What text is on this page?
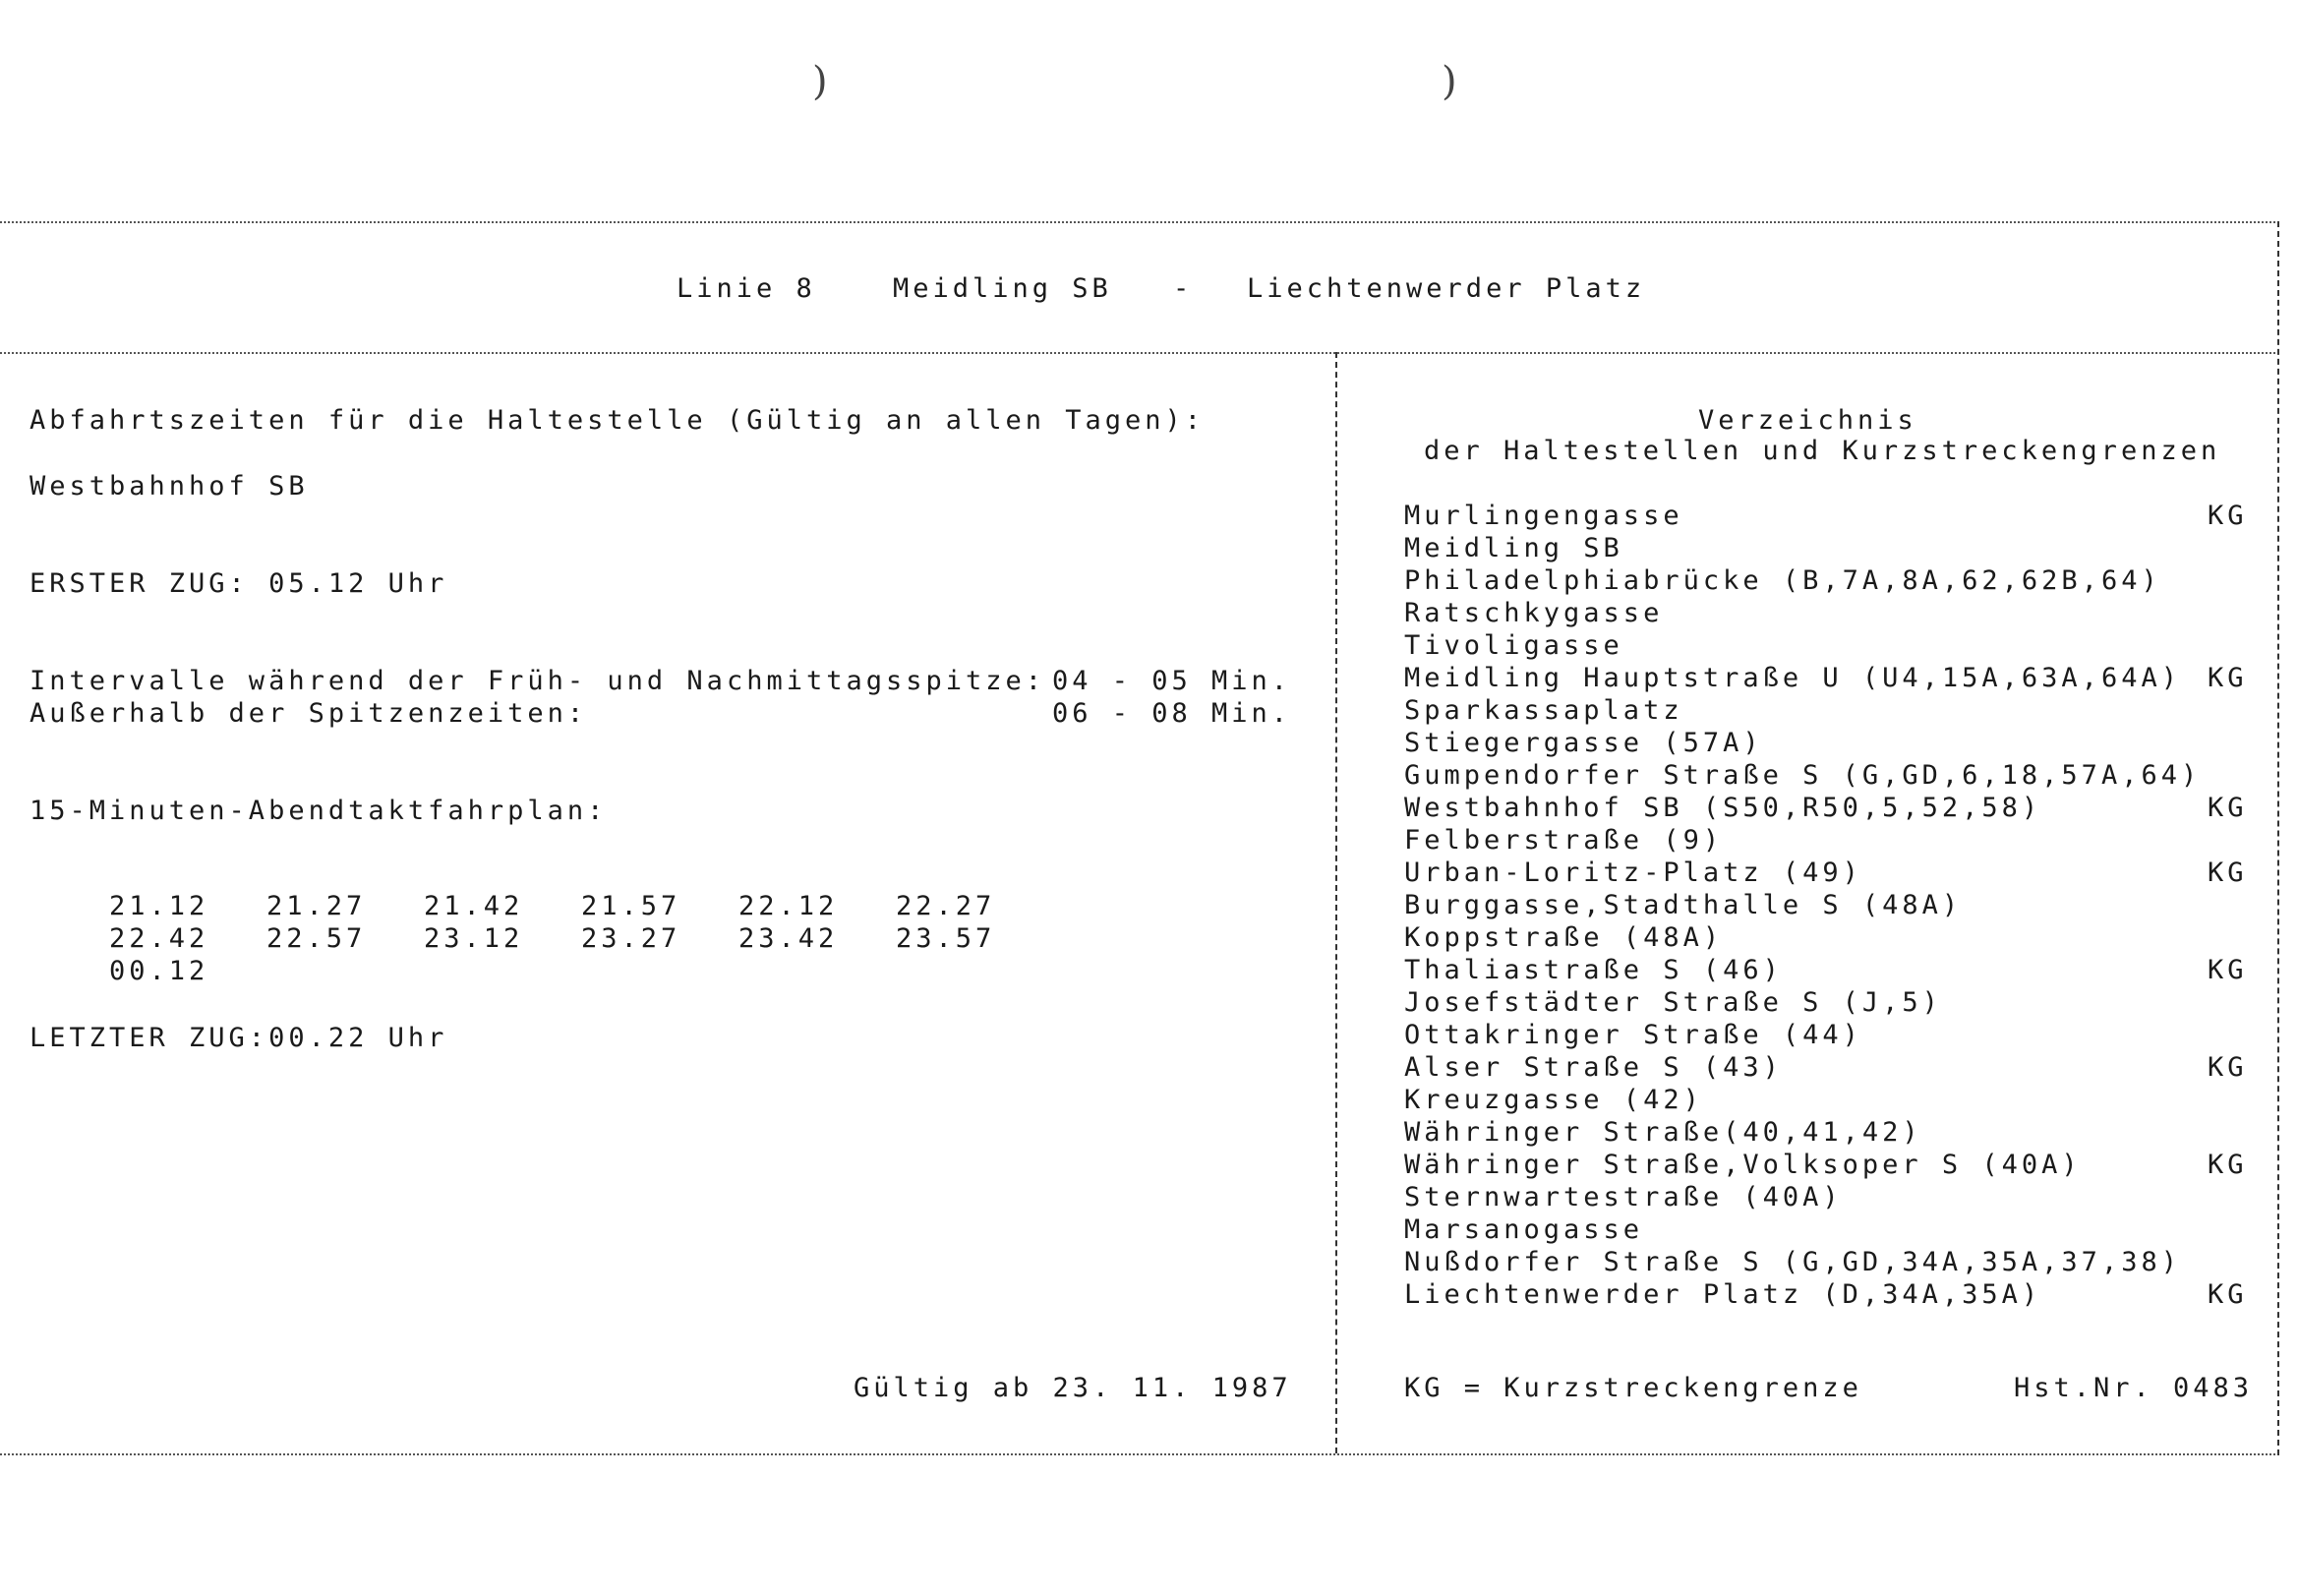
)	)
Linie 8	Meidling SB - Liechtenwerder Platz
Abfahrtszeiten für die Haltestelle (Gültig an allen Tagen):
Westbahnhof SB
ERSTER ZUG: 05.12 Uhr
Intervalle während der Früh- und Nachmittagsspitze: 04 - 05 Min.
Außerhalb der Spitzenzeiten:	06 - 08 Min.
15-Minuten-Abendtaktfahrplan:

21.12 21.27 21.42 21.57 22.12 22.27

22.42 22.57 23.12 23.27 23.42 23.57

00.12

LETZTER ZUG:00.22 Uhr
Gültig ab 23. 11. 1987
Verzeichnis
der Haltestellen und Kurzstreckengrenzen
Murlingengasse	KG
Meidling SB
Philadelphiabrücke (B,7A,8A,62,62B,64)
Ratschkygasse
Tivoligasse
Meidling Hauptstraße U (U4,15A,63A,64A) KG
Sparkassaplatz
Stiegergasse (57A)
Gumpendorfer Straße S (G,GD,6,18,57A,64)
Westbahnhof SB (S50,R50,5,52,58)	KG
Felberstraße (9)
Urban-Loritz-Platz (49)	KG
Burggasse,Stadthalle S (48A)
Koppstraße (48A)
Thaliastraße S (46)	KG
Josefstädter Straße S (J,5)
Ottakringer Straße (44)
Alser Straße S (43)	KG
Kreuzgasse (42)
Währinger Straße(40,41,42)
Währinger Straße,Volksoper S (40A)	KG
Sternwartestraße (40A)
Marsanogasse
Nußdorfer Straße S (G,GD,34A,35A,37,38)
Liechtenwerder Platz (D,34A,35A)	KG
KG = Kurzstreckengrenze	Hst.Nr. 0483
